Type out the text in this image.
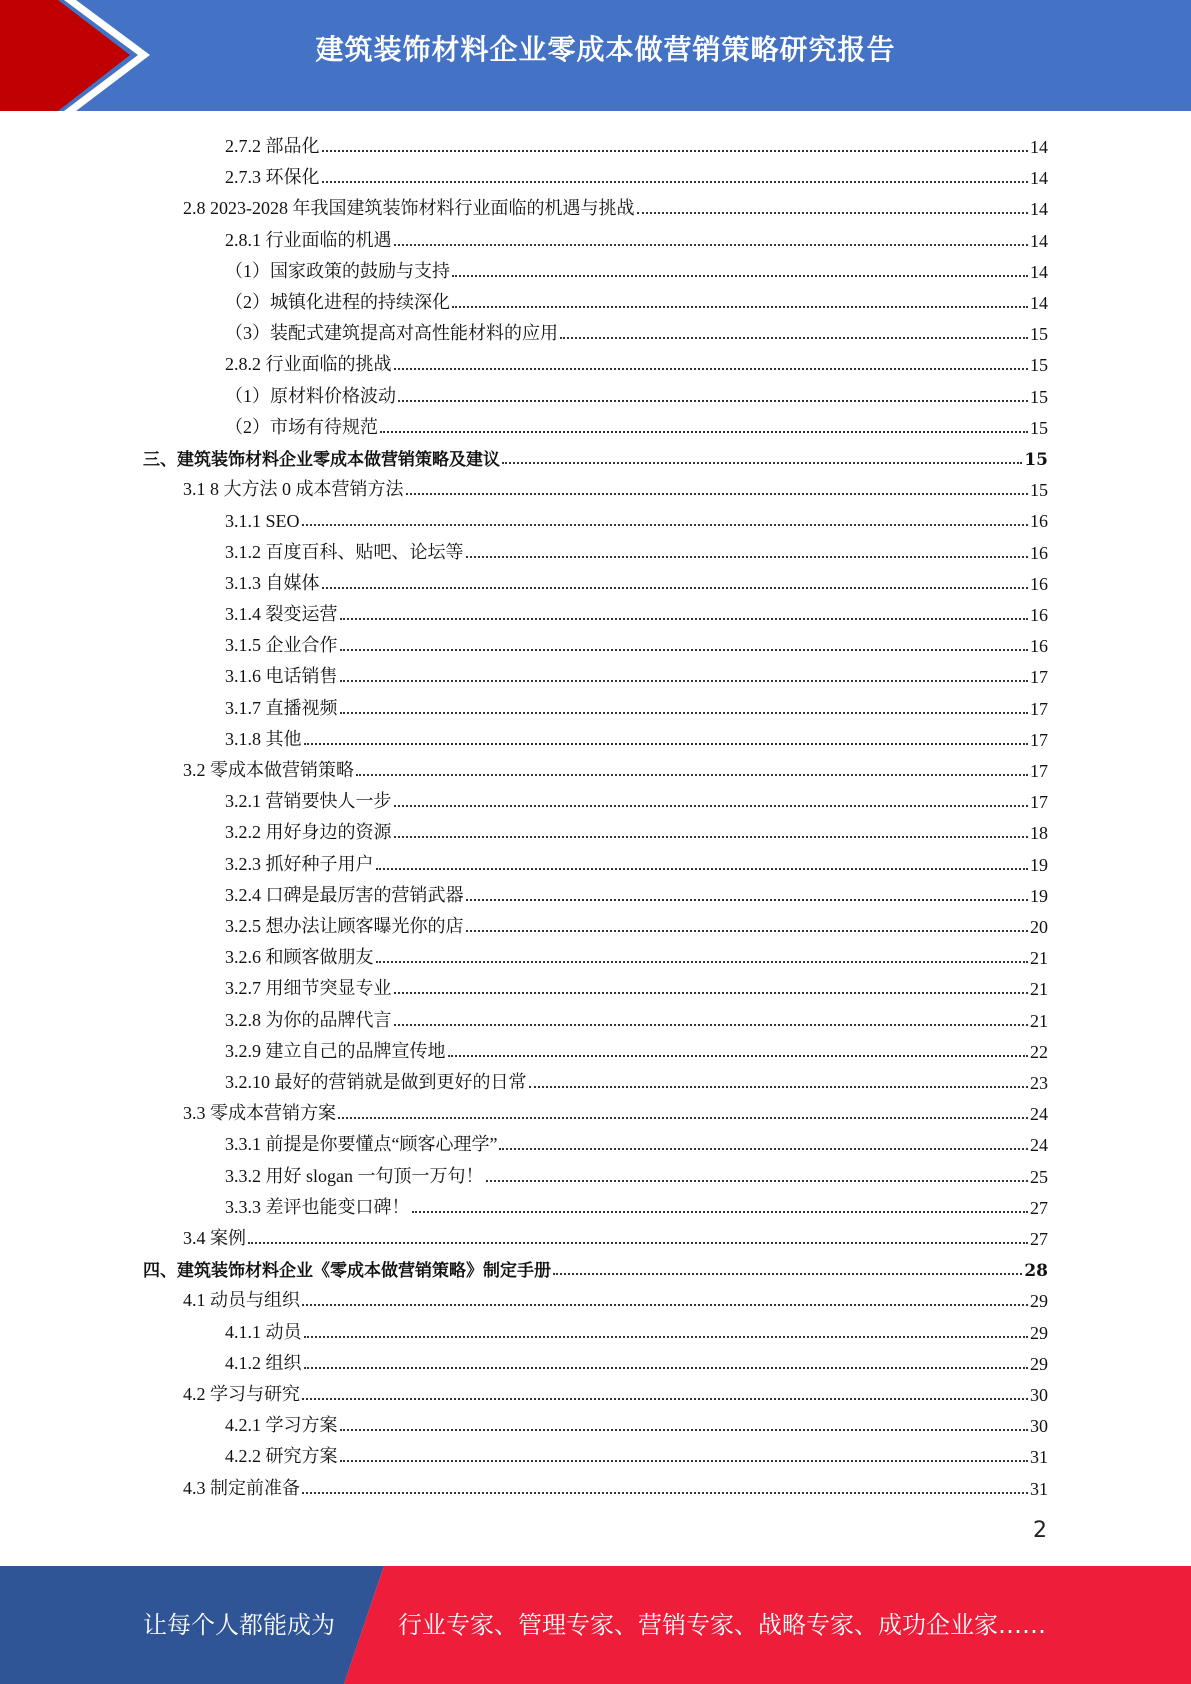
建筑装饰材料企业零成本做营销策略研究报告
2.7.2 部品化	14
2.7.3 环保化	14
2.8 2023-2028 年我国建筑装饰材料行业面临的机遇与挑战	14
2.8.1 行业面临的机遇	14
（1）国家政策的鼓励与支持	14
（2）城镇化进程的持续深化	14
（3）装配式建筑提高对高性能材料的应用	15
2.8.2 行业面临的挑战	15
（1）原材料价格波动	15
（2）市场有待规范	15
三、建筑装饰材料企业零成本做营销策略及建议	15
3.1 8 大方法 0 成本营销方法	15
3.1.1 SEO	16
3.1.2 百度百科、贴吧、论坛等	16
3.1.3 自媒体	16
3.1.4 裂变运营	16
3.1.5 企业合作	16
3.1.6 电话销售	17
3.1.7 直播视频	17
3.1.8 其他	17
3.2 零成本做营销策略	17
3.2.1 营销要快人一步	17
3.2.2 用好身边的资源	18
3.2.3 抓好种子用户	19
3.2.4 口碑是最厉害的营销武器	19
3.2.5 想办法让顾客曝光你的店	20
3.2.6 和顾客做朋友	21
3.2.7 用细节突显专业	21
3.2.8 为你的品牌代言	21
3.2.9 建立自己的品牌宣传地	22
3.2.10 最好的营销就是做到更好的日常	23
3.3 零成本营销方案	24
3.3.1 前提是你要懂点“顾客心理学”	24
3.3.2 用好 slogan 一句顶一万句！	25
3.3.3 差评也能变口碑！	27
3.4 案例	27
四、建筑装饰材料企业《零成本做营销策略》制定手册	28
4.1 动员与组织	29
4.1.1 动员	29
4.1.2 组织	29
4.2 学习与研究	30
4.2.1 学习方案	30
4.2.2 研究方案	31
4.3 制定前准备	31
2
让每个人都能成为	行业专家、管理专家、营销专家、战略专家、成功企业家……
